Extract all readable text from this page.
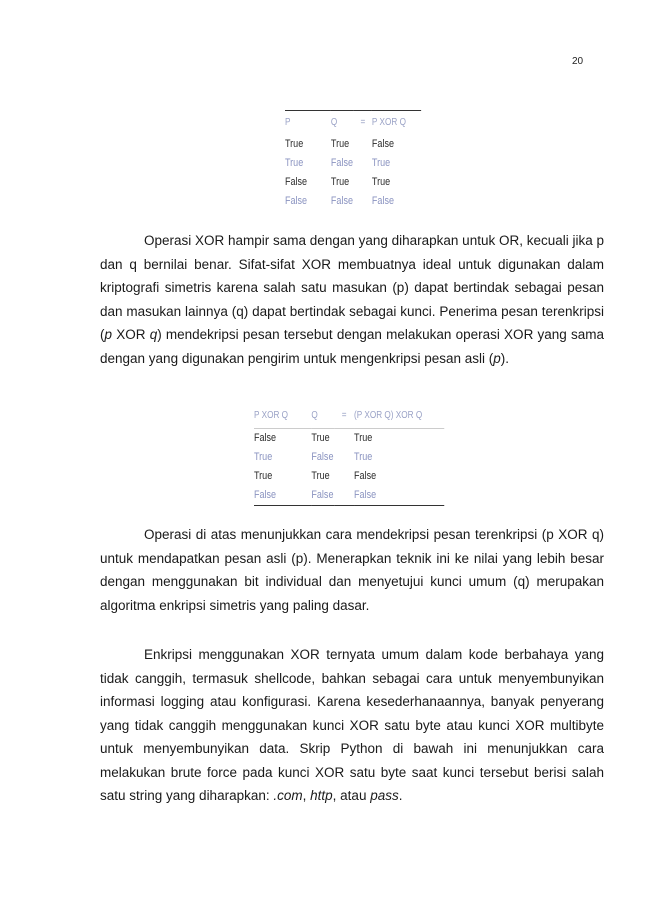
20
P	Q	=	P XOR Q
True	True		False
True	False		True
False	True		True
False	False		False

Operasi XOR hampir sama dengan yang diharapkan untuk OR, kecuali jika p dan q bernilai benar. Sifat-sifat XOR membuatnya ideal untuk digunakan dalam kriptografi simetris karena salah satu masukan (p) dapat bertindak sebagai pesan dan masukan lainnya (q) dapat bertindak sebagai kunci. Penerima pesan terenkripsi (p XOR q) mendekripsi pesan tersebut dengan melakukan operasi XOR yang sama dengan yang digunakan pengirim untuk mengenkripsi pesan asli (p).

P XOR Q	Q	=	(P XOR Q) XOR Q
False	True		True
True	False		True
True	True		False
False	False		False

Operasi di atas menunjukkan cara mendekripsi pesan terenkripsi (p XOR q) untuk mendapatkan pesan asli (p). Menerapkan teknik ini ke nilai yang lebih besar dengan menggunakan bit individual dan menyetujui kunci umum (q) merupakan algoritma enkripsi simetris yang paling dasar.

Enkripsi menggunakan XOR ternyata umum dalam kode berbahaya yang tidak canggih, termasuk shellcode, bahkan sebagai cara untuk menyembunyikan informasi logging atau konfigurasi. Karena kesederhanaannya, banyak penyerang yang tidak canggih menggunakan kunci XOR satu byte atau kunci XOR multibyte untuk menyembunyikan data. Skrip Python di bawah ini menunjukkan cara melakukan brute force pada kunci XOR satu byte saat kunci tersebut berisi salah satu string yang diharapkan: .com, http, atau pass.
